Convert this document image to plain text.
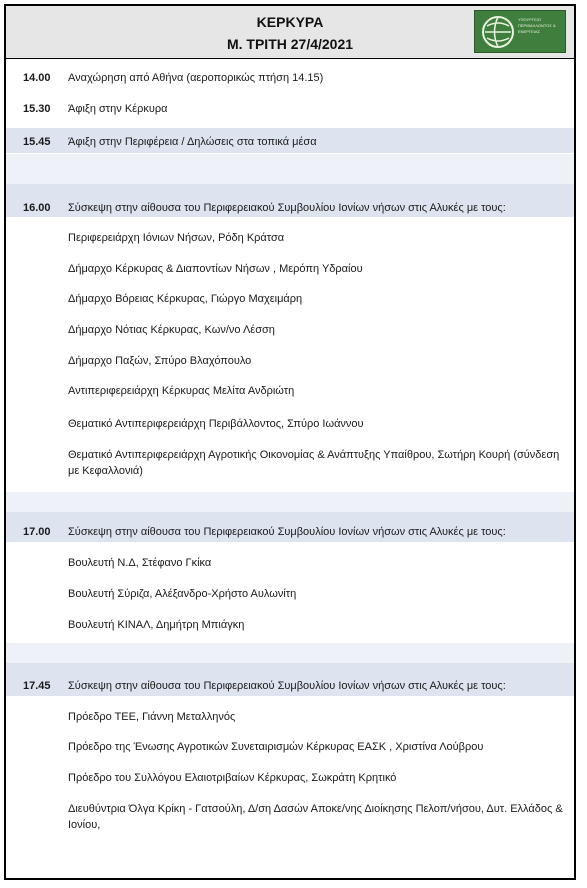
ΚΕΡΚΥΡΑ
Μ. ΤΡΙΤΗ 27/4/2021
ΥΠΟΥΡΓΕΙΟ ΠΕΡΙΒΑΛΛΟΝΤΟΣ & ΕΝΕΡΓΕΙΑΣ
14.00 Αναχώρηση από Αθήνα (αεροπορικώς πτήση 14.15)
15.30 Άφιξη στην Κέρκυρα
15.45 Άφιξη στην Περιφέρεια / Δηλώσεις στα τοπικά μέσα
16.00 Σύσκεψη στην αίθουσα του Περιφερειακού Συμβουλίου Ιονίων νήσων στις Αλυκές με τους:
Περιφερειάρχη Ιόνιων Νήσων, Ρόδη Κράτσα
Δήμαρχο Κέρκυρας & Διαποντίων Νήσων , Μερόπη Υδραίου
Δήμαρχο Βόρειας Κέρκυρας, Γιώργο Μαχειμάρη
Δήμαρχο Νότιας Κέρκυρας, Κων/νο Λέσση
Δήμαρχο Παξών, Σπύρο Βλαχόπουλο
Αντιπεριφερειάρχη Κέρκυρας Μελίτα Ανδριώτη
Θεματικό Αντιπεριφερειάρχη Περιβάλλοντος, Σπύρο Ιωάννου
Θεματικό Αντιπεριφερειάρχη Αγροτικής Οικονομίας & Ανάπτυξης Υπαίθρου, Σωτήρη Κουρή (σύνδεση με Κεφαλλονιά)
17.00 Σύσκεψη στην αίθουσα του Περιφερειακού Συμβουλίου Ιονίων νήσων στις Αλυκές με τους:
Βουλευτή Ν.Δ, Στέφανο Γκίκα
Βουλευτή Σύριζα, Αλέξανδρο-Χρήστο Αυλωνίτη
Βουλευτή ΚΙΝΑΛ, Δημήτρη Μπιάγκη
17.45 Σύσκεψη στην αίθουσα του Περιφερειακού Συμβουλίου Ιονίων νήσων στις Αλυκές με τους:
Πρόεδρο ΤΕΕ, Γιάννη Μεταλληνός
Πρόεδρο της Ένωσης Αγροτικών Συνεταιρισμών Κέρκυρας ΕΑΣΚ , Χριστίνα Λούβρου
Πρόεδρο του Συλλόγου Ελαιοτριβαίων Κέρκυρας, Σωκράτη Κρητικό
Διευθύντρια Όλγα Κρίκη - Γατσούλη, Δ/ση Δασών Αποκε/νης Διοίκησης Πελοπ/νήσου, Δυτ. Ελλάδος & Ιονίου,
